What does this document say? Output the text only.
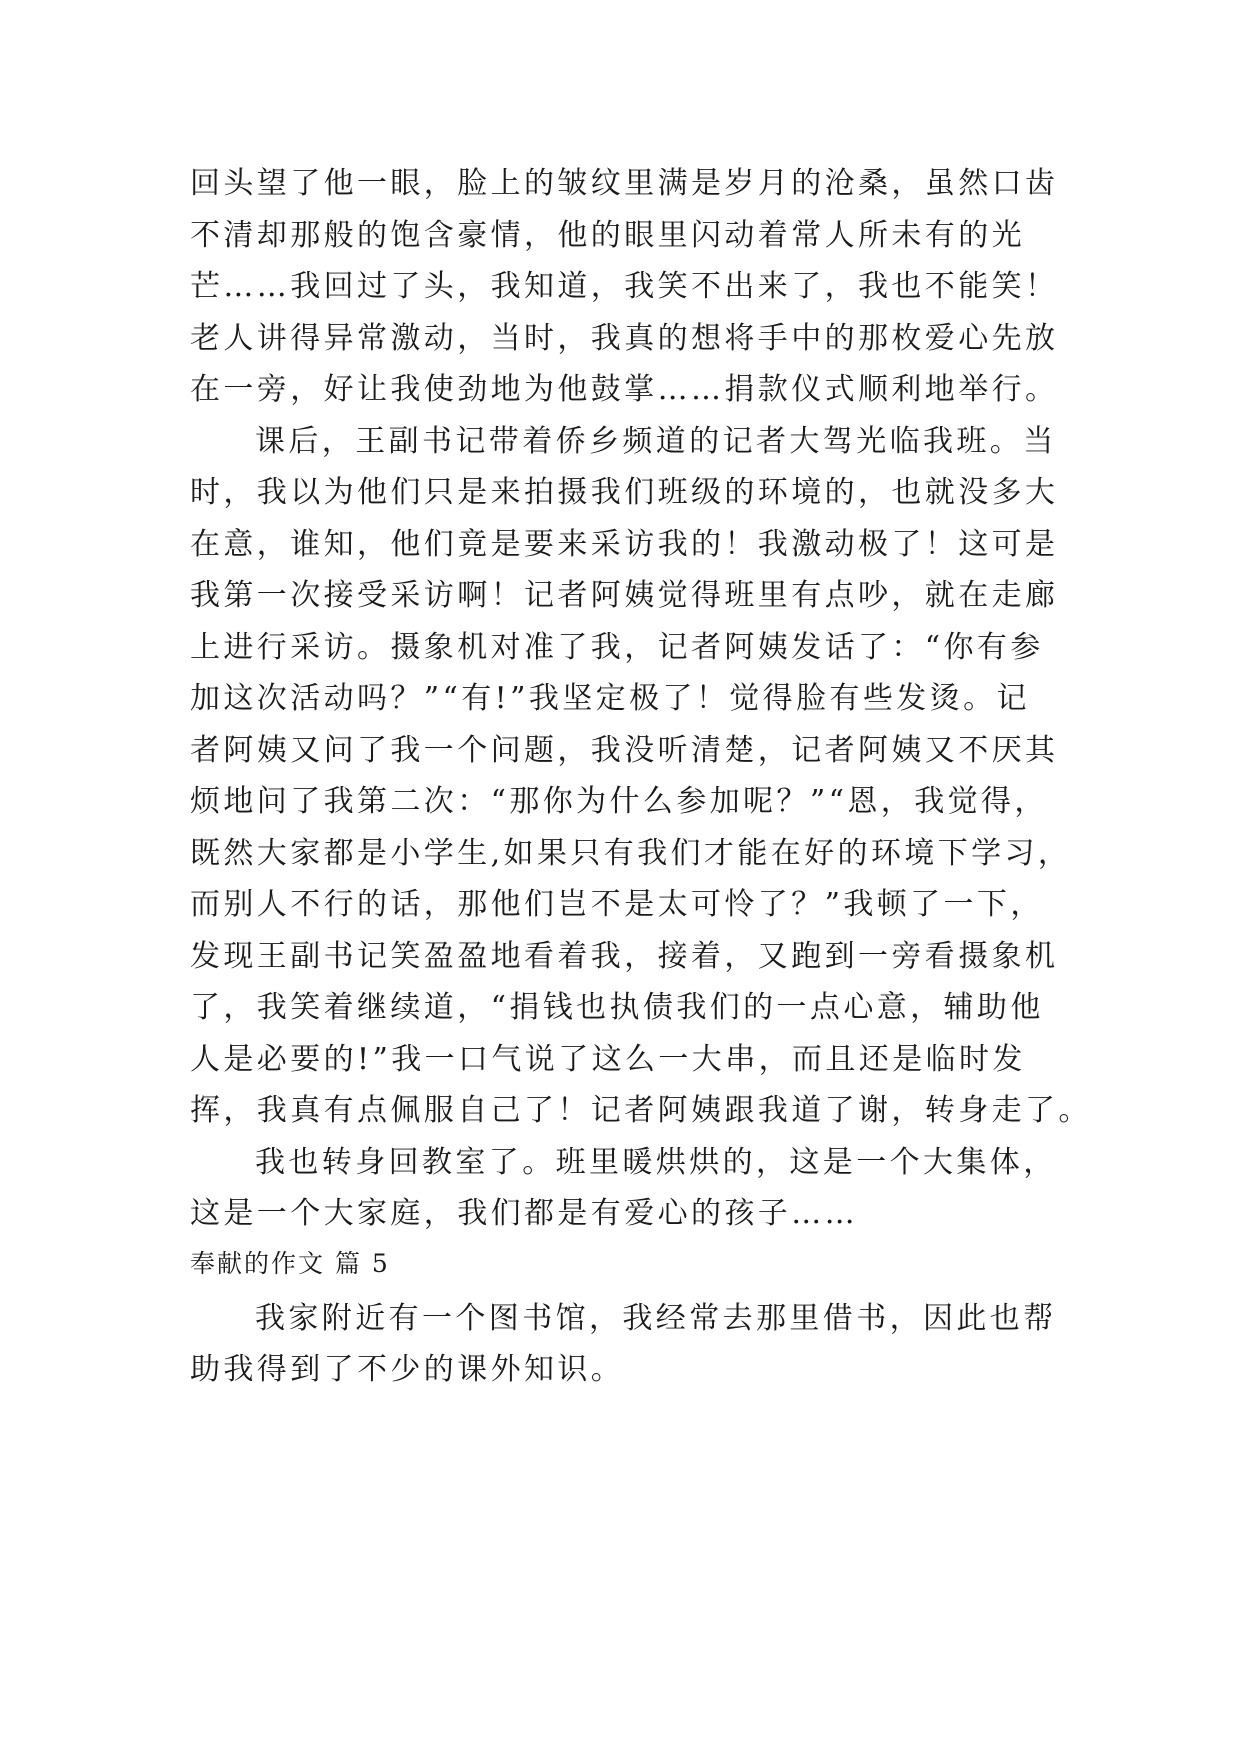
回头望了他一眼，脸上的皱纹里满是岁月的沧桑，虽然口齿
不清却那般的饱含豪情，他的眼里闪动着常人所未有的光
芒……我回过了头，我知道，我笑不出来了，我也不能笑！
老人讲得异常激动，当时，我真的想将手中的那枚爱心先放
在一旁，好让我使劲地为他鼓掌……捐款仪式顺利地举行。
课后，王副书记带着侨乡频道的记者大驾光临我班。当
时，我以为他们只是来拍摄我们班级的环境的，也就没多大
在意，谁知，他们竟是要来采访我的！我激动极了！这可是
我第一次接受采访啊！记者阿姨觉得班里有点吵，就在走廊
上进行采访。摄象机对准了我，记者阿姨发话了：“你有参
加这次活动吗？”“有!”我坚定极了！觉得脸有些发烫。记
者阿姨又问了我一个问题，我没听清楚，记者阿姨又不厌其
烦地问了我第二次：“那你为什么参加呢？”“恩，我觉得，
既然大家都是小学生,如果只有我们才能在好的环境下学习，
而别人不行的话，那他们岂不是太可怜了？”我顿了一下，
发现王副书记笑盈盈地看着我，接着，又跑到一旁看摄象机
了，我笑着继续道，“捐钱也执债我们的一点心意，辅助他
人是必要的!”我一口气说了这么一大串，而且还是临时发
挥，我真有点佩服自己了！记者阿姨跟我道了谢，转身走了。
我也转身回教室了。班里暖烘烘的，这是一个大集体，
这是一个大家庭，我们都是有爱心的孩子……
奉献的作文 篇 5
我家附近有一个图书馆，我经常去那里借书，因此也帮
助我得到了不少的课外知识。
